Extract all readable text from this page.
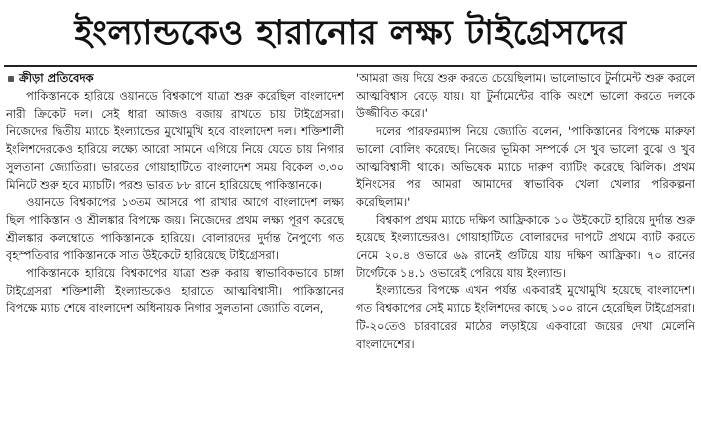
ইংল্যান্ডকেও হারানোর লক্ষ্য টাইগ্রেসদের
ক্রীড়া প্রতিবেদক

পাকিস্তানকে হারিয়ে ওয়ানডে বিশ্বকাপে যাত্রা শুরু করেছিল বাংলাদেশ নারী ক্রিকেট দল। সেই ধারা আজও বজায় রাখতে চায় টাইগ্রেসরা। নিজেদের দ্বিতীয় ম্যাচে ইংল্যান্ডের মুখোমুখি হবে বাংলাদেশ দল। শক্তিশালী ইংলিশদেরকেও হারিয়ে লক্ষ্যে আরো সামনে এগিয়ে নিয়ে যেতে চায় নিগার সুলতানা জ্যোতিরা। ভারতের গোয়াহাটিতে বাংলাদেশ সময় বিকেল ৩.৩০ মিনিটে শুরু হবে ম্যাচটি। পরশু ভারত ৮৮ রানে হারিয়েছে পাকিস্তানকে।

ওয়ানডে বিশ্বকাপের ১৩তম আসরে পা রাখার আগে বাংলাদেশ লক্ষ্য ছিল পাকিস্তান ও শ্রীলঙ্কার বিপক্ষে জয়। নিজেদের প্রথম লক্ষ্য পূরণ করেছে শ্রীলঙ্কার কলম্বোতে পাকিস্তানকে হারিয়ে। বোলারদের দুর্দান্ত নৈপুণ্যে গত বৃহস্পতিবার পাকিস্তানকে সাত উইকেটে হারিয়েছে টাইগ্রেসরা।

পাকিস্তানকে হারিয়ে বিশ্বকাপের যাত্রা শুরু করায় স্বাভাবিকভাবে চাঙ্গা টাইগ্রেসরা শক্তিশালী ইংল্যান্ডকেও হারাতে আত্মবিশ্বাসী। পাকিস্তানের বিপক্ষে ম্যাচ শেষে বাংলাদেশ অধিনায়ক নিগার সুলতানা জ্যোতি বলেন,

'আমরা জয় দিয়ে শুরু করতে চেয়েছিলাম। ভালোভাবে টুর্নামেন্ট শুরু করলে আত্মবিশ্বাস বেড়ে যায়। যা টুর্নামেন্টের বাকি অংশে ভালো করতে দলকে উজ্জীবিত করে।'

দলের পারফরম্যান্স নিয়ে জ্যোতি বলেন, 'পাকিস্তানের বিপক্ষে মারুফা ভালো বোলিং করেছে। নিজের ভূমিকা সম্পর্কে সে খুব ভালো বুঝে ও খুব আত্মবিশ্বাসী থাকে। অভিষেক ম্যাচে দারুণ ব্যাটিং করেছে ঝিলিক। প্রথম ইনিংসের পর আমরা আমাদের স্বাভাবিক খেলা খেলার পরিকল্পনা করেছিলাম।'

বিশ্বকাপ প্রথম ম্যাচে দক্ষিণ আফ্রিকাকে ১০ উইকেটে হারিয়ে দুর্দান্ত শুরু হয়েছে ইংল্যান্ডেরও। গোয়াহাটিতে বোলারদের দাপটে প্রথমে ব্যাট করতে নেমে ২০.৪ ওভারে ৬৯ রানেই গুটিয়ে যায় দক্ষিণ আফ্রিকা। ৭০ রানের টার্গেটকে ১৪.১ ওভারেই পেরিয়ে যায় ইংল্যান্ড।

ইংল্যান্ডের বিপক্ষে এখন পর্যন্ত একবারই মুখোমুখি হয়েছে বাংলাদেশ। গত বিশ্বকাপের সেই ম্যাচে ইংলিশদের কাছে ১০০ রানে হেরেছিল টাইগ্রেসরা। টি-২০তেও চারবারের মাঠের লড়াইয়ে একবারো জয়ের দেখা মেলেনি বাংলাদেশের।
